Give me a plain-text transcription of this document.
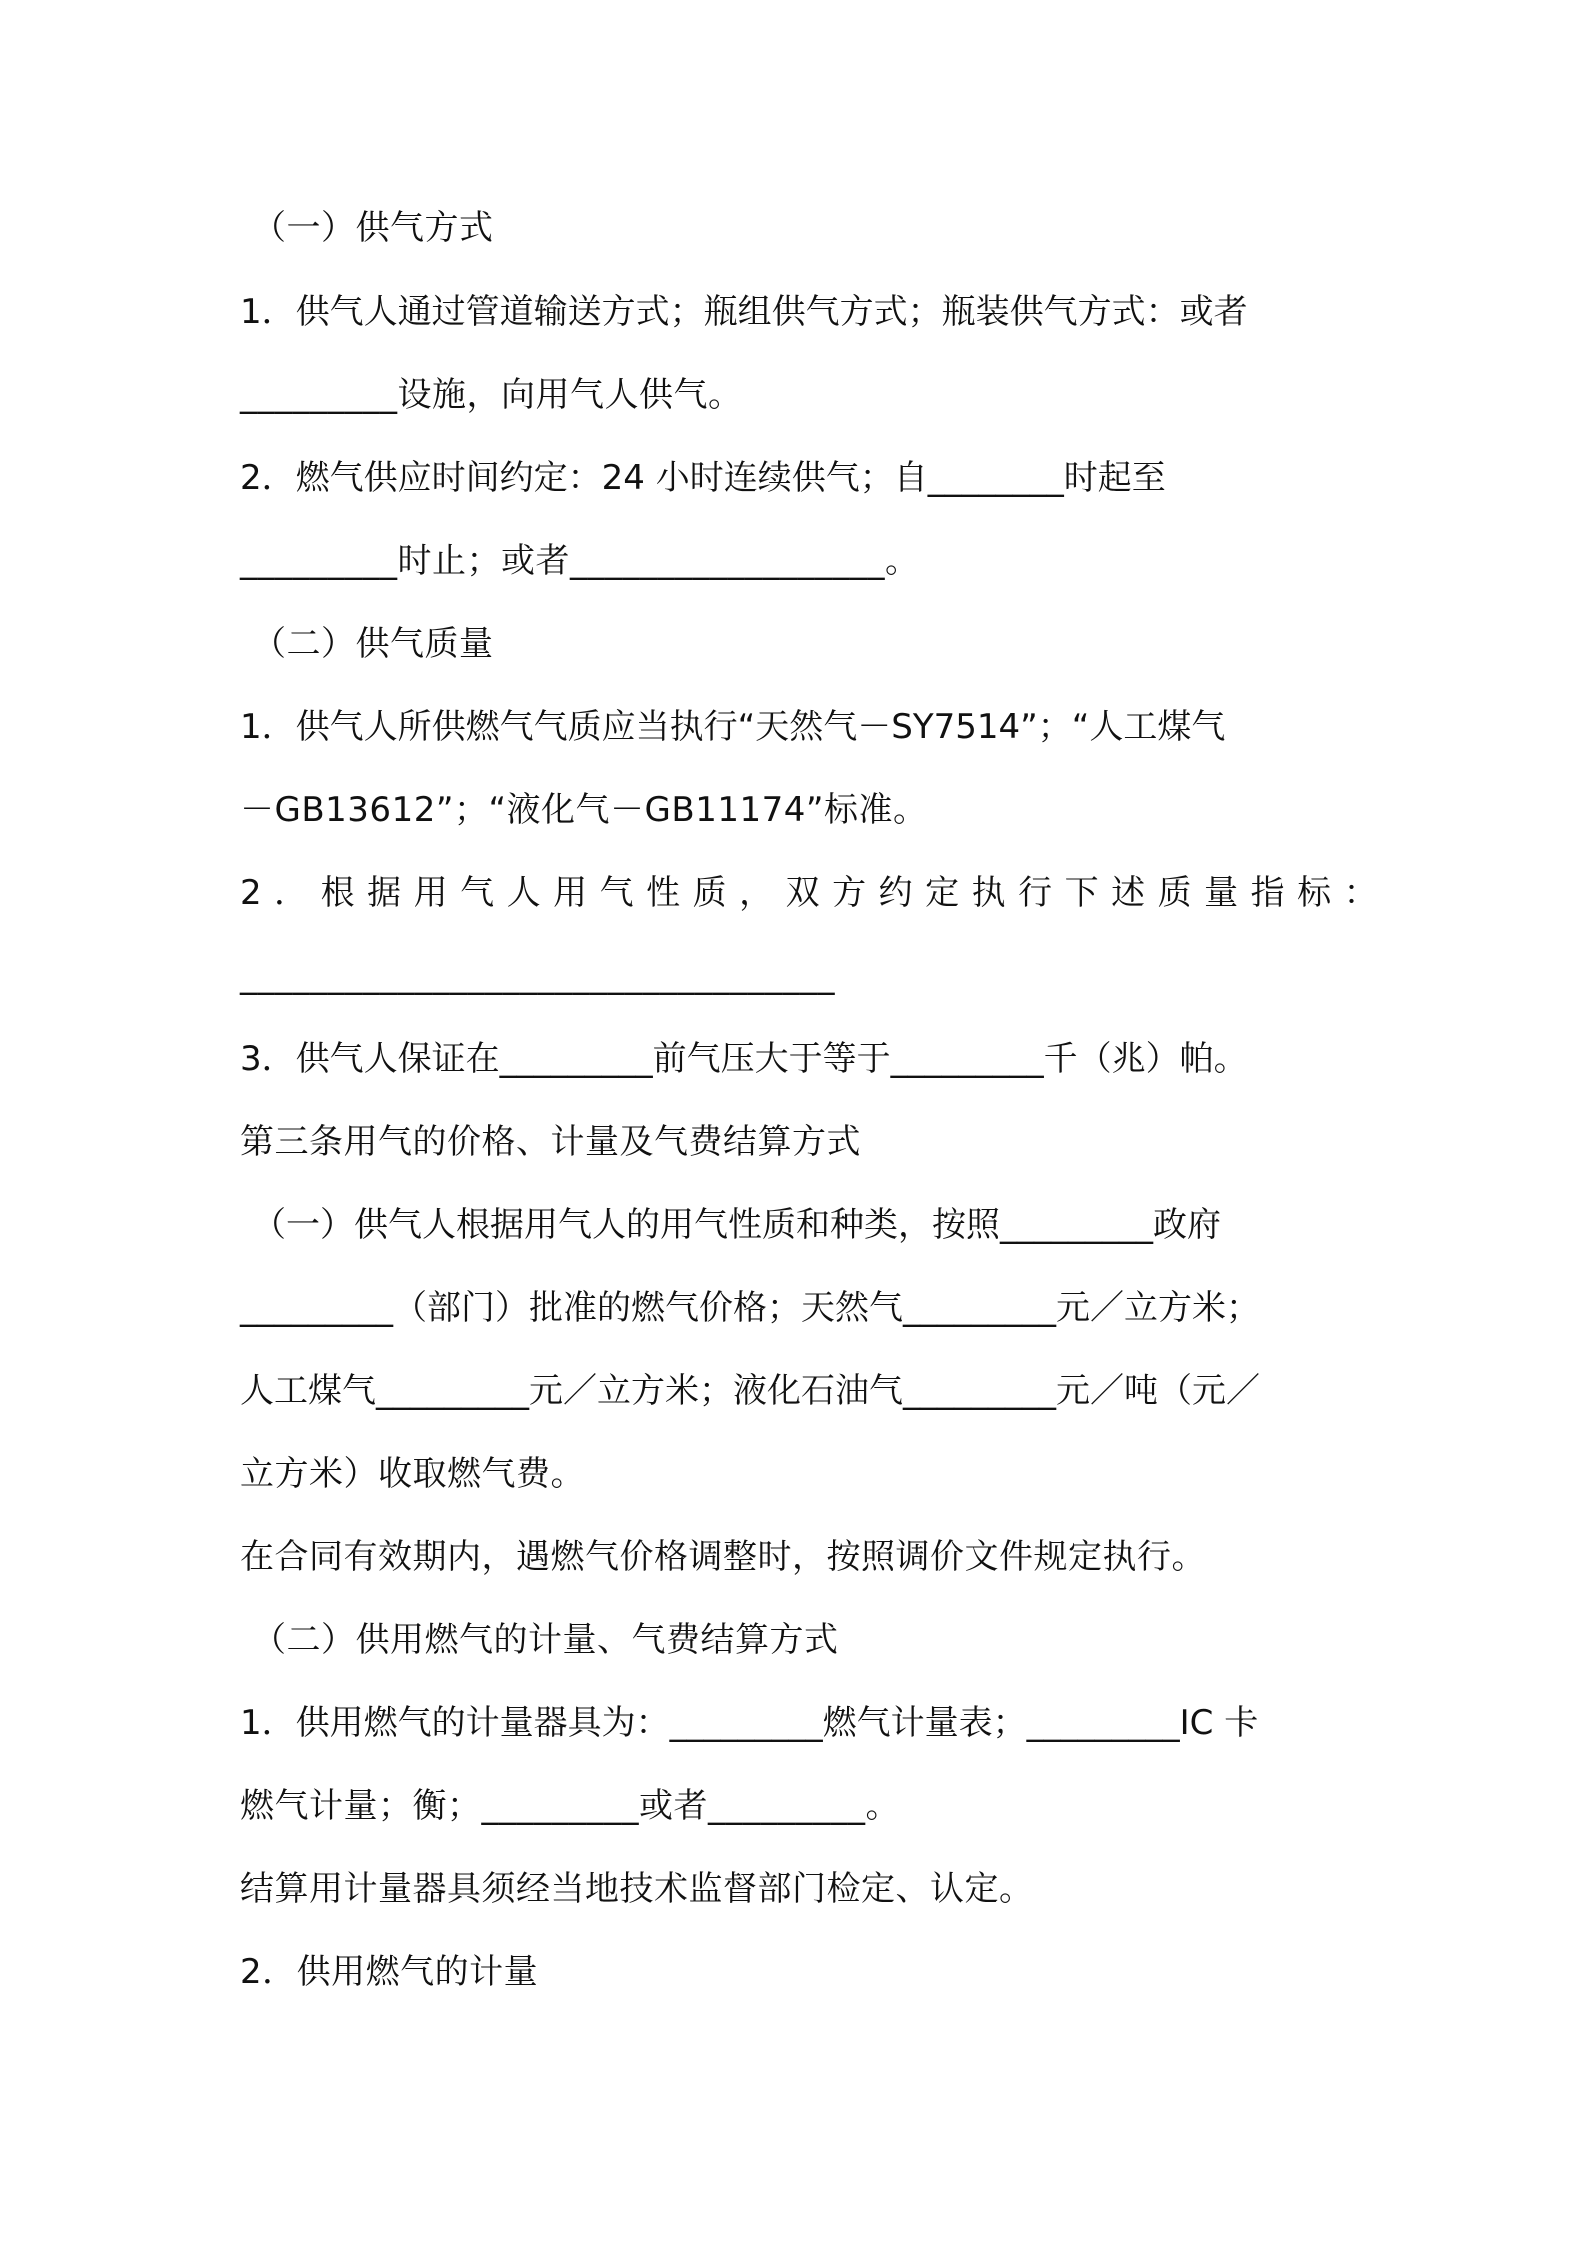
（一）供气方式
1．供气人通过管道输送方式；瓶组供气方式；瓶装供气方式：或者
_________设施，向用气人供气。
2．燃气供应时间约定：24 小时连续供气；自________时起至
_________时止；或者__________________。
（二）供气质量
1．供气人所供燃气气质应当执行“天然气－SY7514”；“人工煤气
－GB13612”；“液化气－GB11174”标准。
2．根据用气人用气性质，双方约定执行下述质量指标：
__________________________________
3．供气人保证在_________前气压大于等于_________千（兆）帕。
第三条用气的价格、计量及气费结算方式
（一）供气人根据用气人的用气性质和种类，按照_________政府
_________（部门）批准的燃气价格；天然气_________元／立方米；
人工煤气_________元／立方米；液化石油气_________元／吨（元／
立方米）收取燃气费。
在合同有效期内，遇燃气价格调整时，按照调价文件规定执行。
（二）供用燃气的计量、气费结算方式
1．供用燃气的计量器具为：_________燃气计量表；_________IC 卡
燃气计量；衡；_________或者_________。
结算用计量器具须经当地技术监督部门检定、认定。
2．供用燃气的计量
